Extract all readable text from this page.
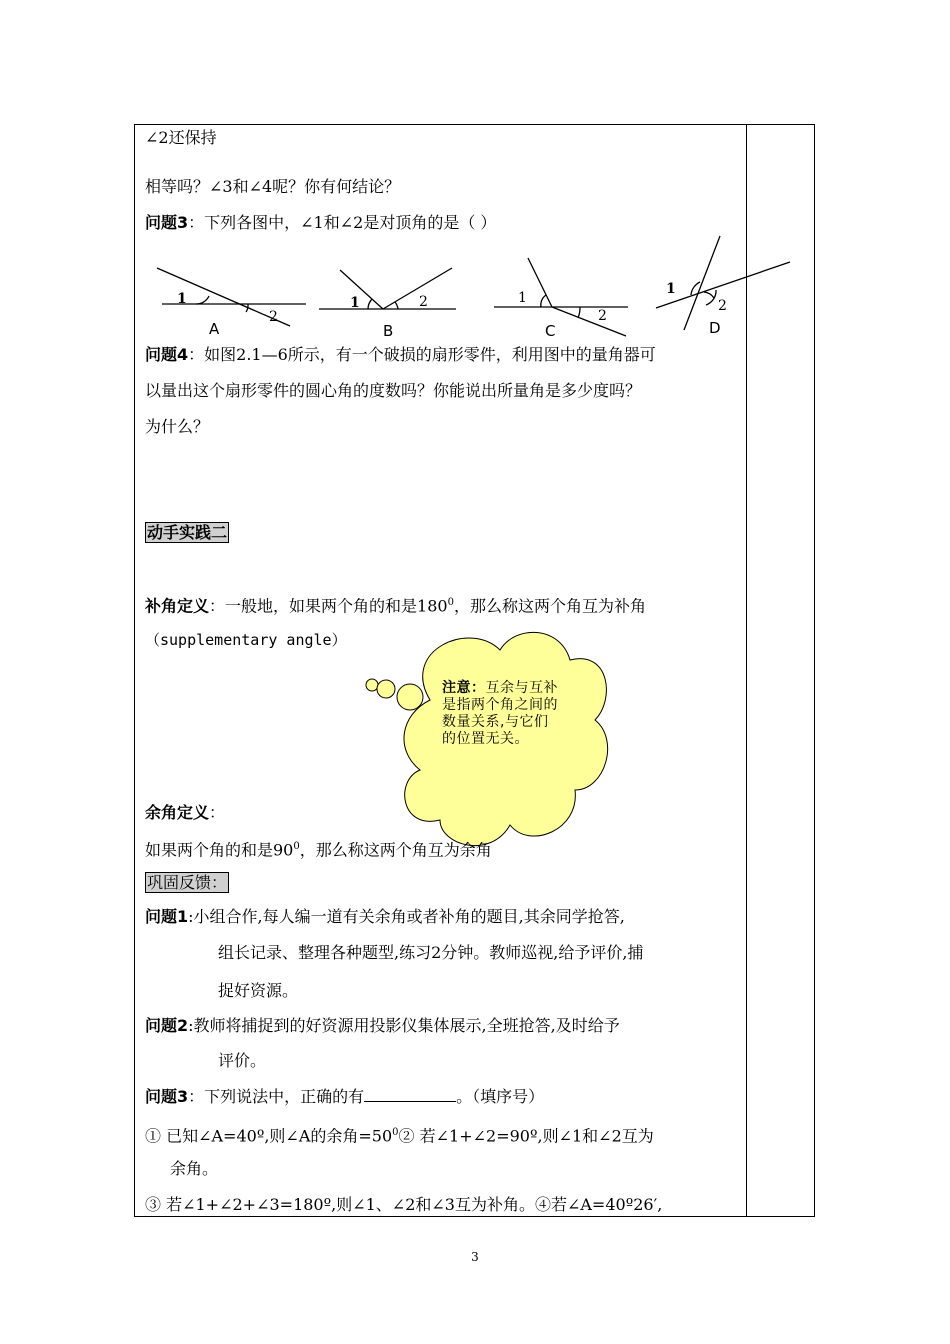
∠2还保持
相等吗？∠3和∠4呢？你有何结论？
问题3：下列各图中，∠1和∠2是对顶角的是（ ）
1
2
1	2	1
2
1
2
A	B	C	D
问题4：如图2.1—6所示，有一个破损的扇形零件，利用图中的量角器可
以量出这个扇形零件的圆心角的度数吗？你能说出所量角是多少度吗？
为什么？
动手实践二
补角定义：一般地，如果两个角的和是$180^0$，那么称这两个角互为补角
（supplementary angle）
注意：互余与互补是指两个角之间的数量关系,与它们的位置无关。
余角定义：
如果两个角的和是$90^0$，那么称这两个角互为余角
巩固反馈：
问题1:小组合作,每人编一道有关余角或者补角的题目,其余同学抢答,
组长记录、整理各种题型,练习2分钟。教师巡视,给予评价,捕
捉好资源。
问题2:教师将捕捉到的好资源用投影仪集体展示,全班抢答,及时给予
评价。
问题3：下列说法中，正确的有	。（填序号）
① 已知∠A=40º,则∠A的余角$=50^0②$ 若∠1+∠2=90º,则∠1和∠2互为
余角。
③ 若∠1+∠2+∠3=180º,则∠1、∠2和∠3互为补角。④若∠A=40º26′,
3
